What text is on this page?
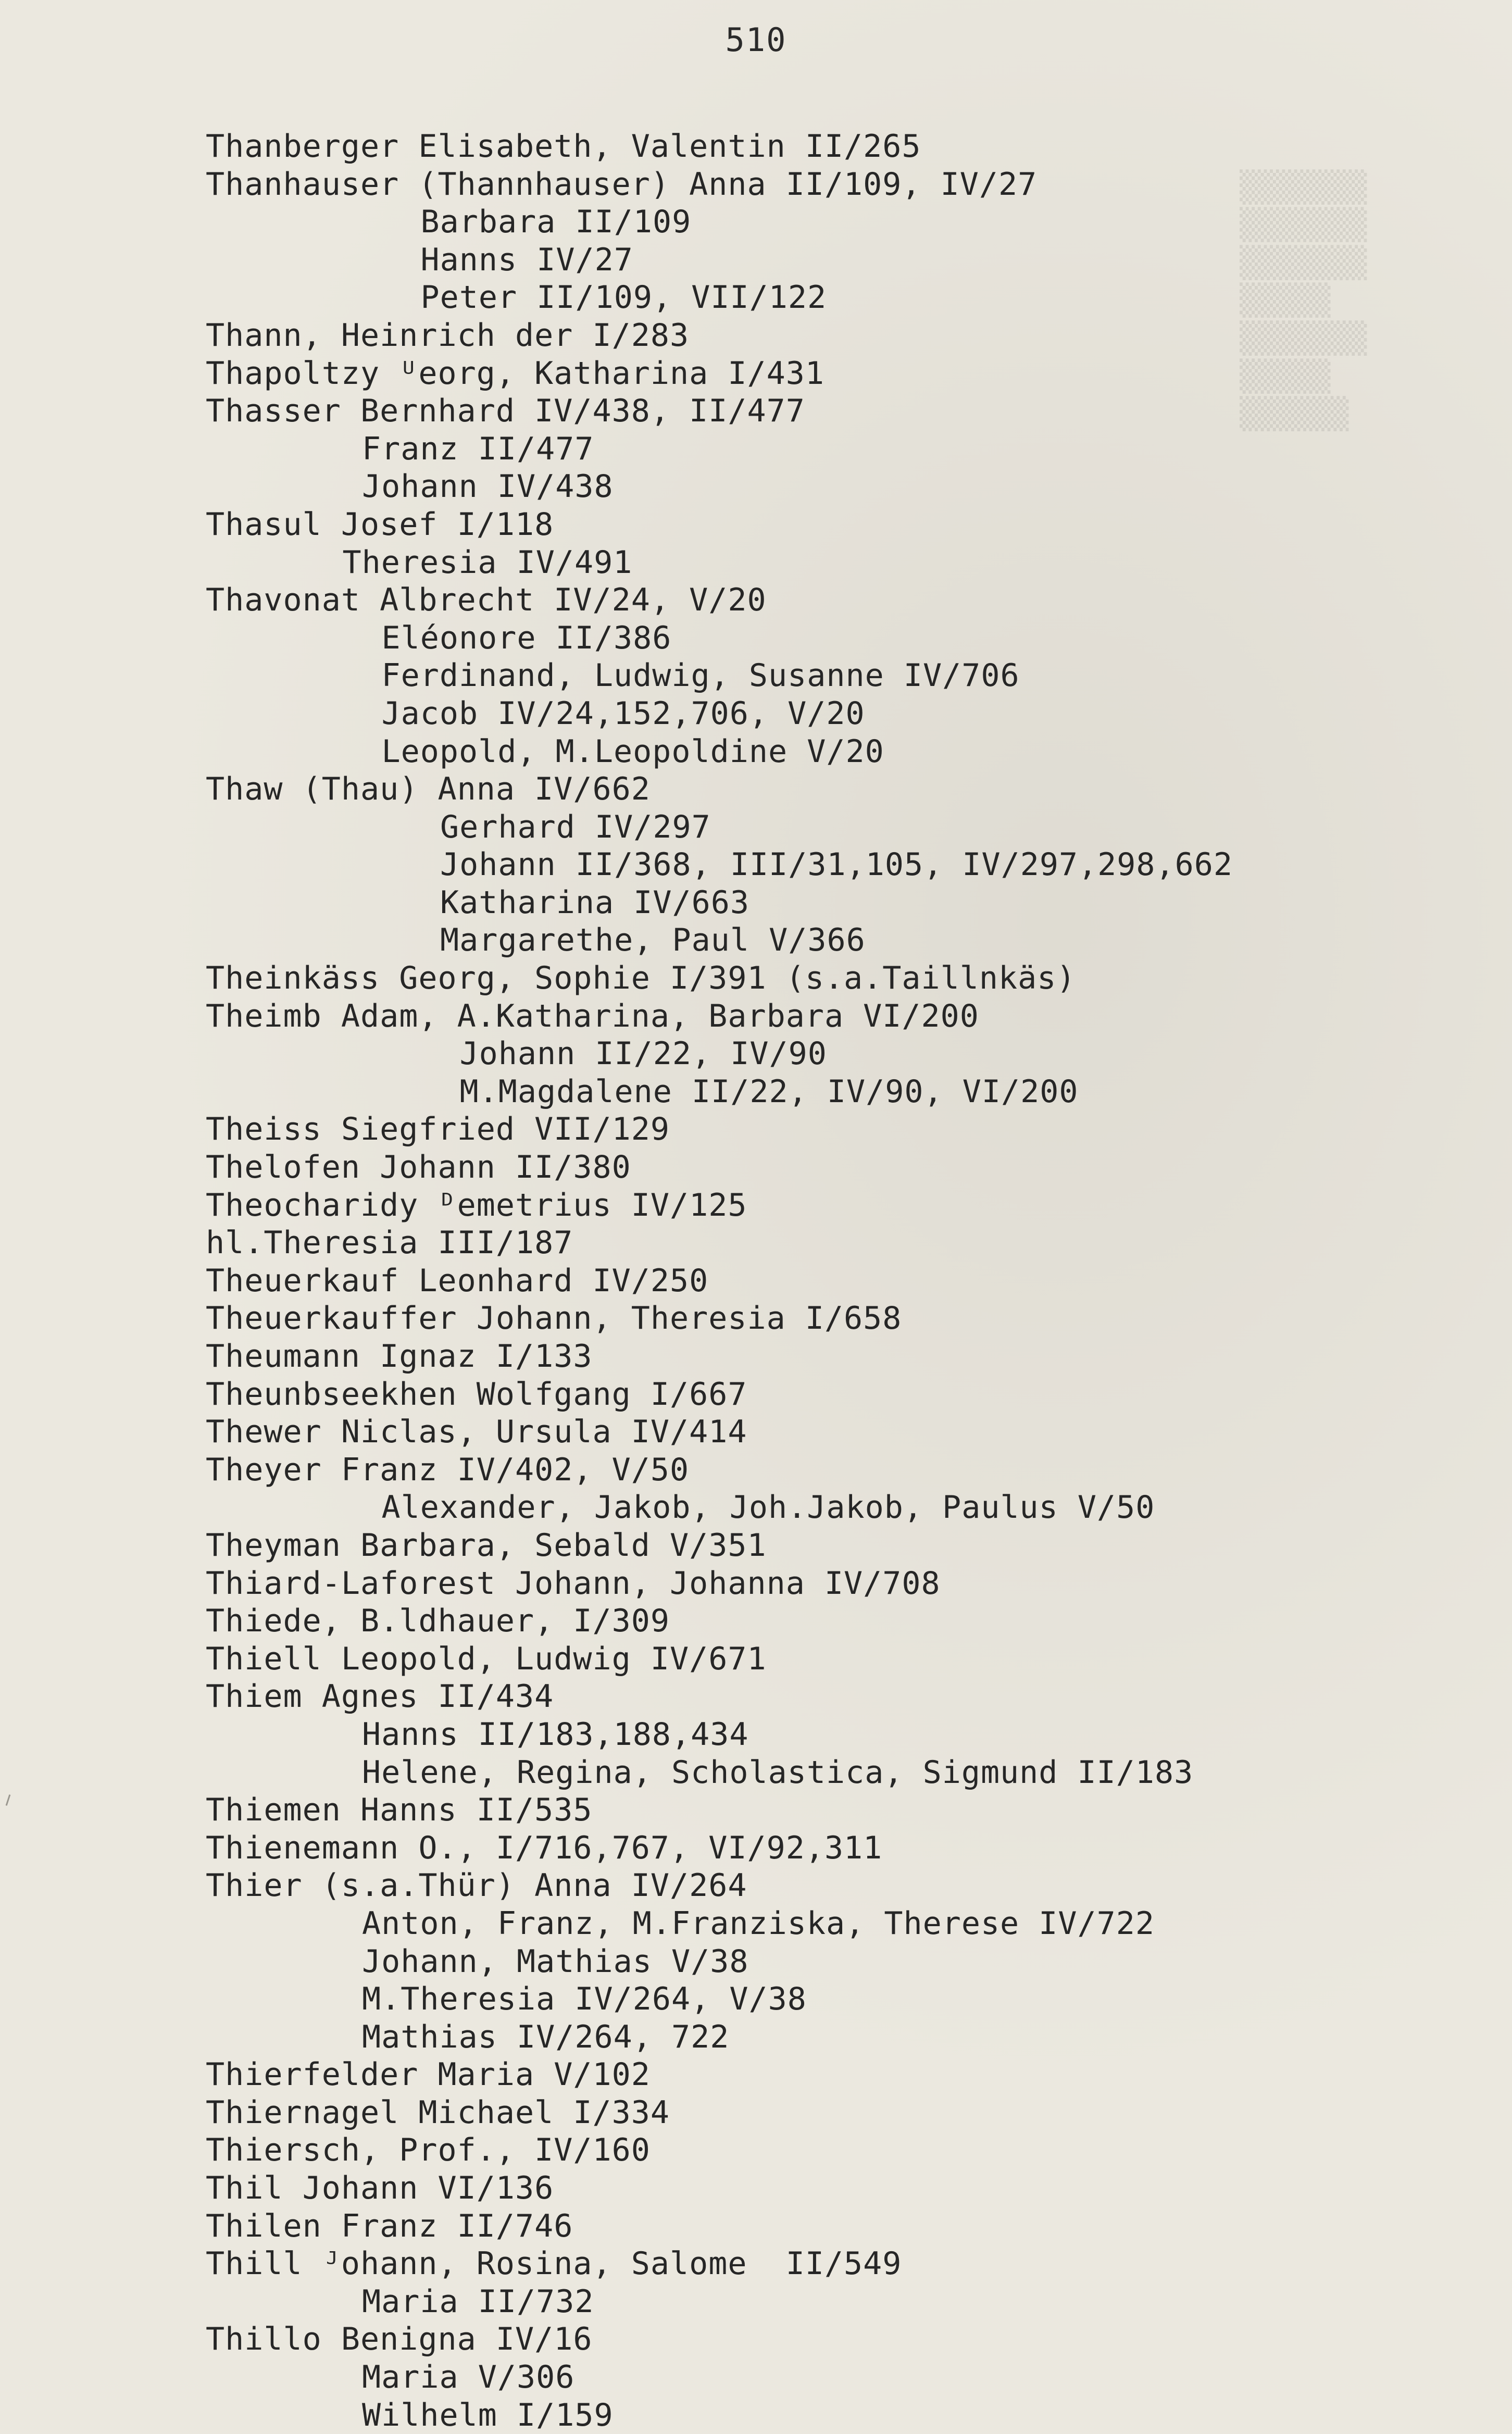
▒▒▒▒▒▒▒
▒▒▒▒▒▒▒
▒▒▒▒▒▒▒
▒▒▒▒▒
▒▒▒▒▒▒▒
▒▒▒▒▒
▒▒▒▒▒▒

510
Thanberger Elisabeth, Valentin II/265
Thanhauser (Thannhauser) Anna II/109, IV/27
Barbara II/109
Hanns IV/27
Peter II/109, VII/122
Thann, Heinrich der I/283
Thapoltzy ᵁeorg, Katharina I/431
Thasser Bernhard IV/438, II/477
Franz II/477
Johann IV/438
Thasul Josef I/118
Theresia IV/491
Thavonat Albrecht IV/24, V/20
Eléonore II/386
Ferdinand, Ludwig, Susanne IV/706
Jacob IV/24,152,706, V/20
Leopold, M.Leopoldine V/20
Thaw (Thau) Anna IV/662
Gerhard IV/297
Johann II/368, III/31,105, IV/297,298,662
Katharina IV/663
Margarethe, Paul V/366
Theinkäss Georg, Sophie I/391 (s.a.Taillnkäs)
Theimb Adam, A.Katharina, Barbara VI/200
Johann II/22, IV/90
M.Magdalene II/22, IV/90, VI/200
Theiss Siegfried VII/129
Thelofen Johann II/380
Theocharidy ᴰemetrius IV/125
hl.Theresia III/187
Theuerkauf Leonhard IV/250
Theuerkauffer Johann, Theresia I/658
Theumann Ignaz I/133
Theunbseekhen Wolfgang I/667
Thewer Niclas, Ursula IV/414
Theyer Franz IV/402, V/50
Alexander, Jakob, Joh.Jakob, Paulus V/50
Theyman Barbara, Sebald V/351
Thiard-Laforest Johann, Johanna IV/708
Thiede, B.ldhauer, I/309
Thiell Leopold, Ludwig IV/671
Thiem Agnes II/434
Hanns II/183,188,434
Helene, Regina, Scholastica, Sigmund II/183
Thiemen Hanns II/535
Thienemann O., I/716,767, VI/92,311
Thier (s.a.Thür) Anna IV/264
Anton, Franz, M.Franziska, Therese IV/722
Johann, Mathias V/38
M.Theresia IV/264, V/38
Mathias IV/264, 722
Thierfelder Maria V/102
Thiernagel Michael I/334
Thiersch, Prof., IV/160
Thil Johann VI/136
Thilen Franz II/746
Thill ᴶohann, Rosina, Salome  II/549
Maria II/732
Thillo Benigna IV/16
Maria V/306
Wilhelm I/159
